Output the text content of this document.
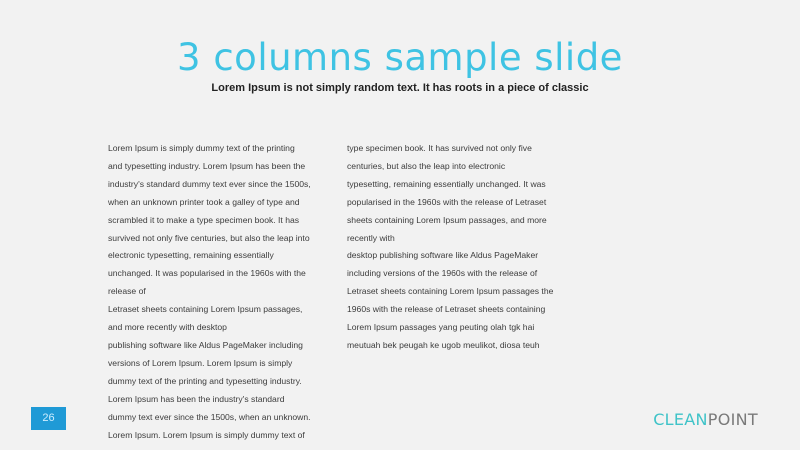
3 columns sample slide

Lorem Ipsum is not simply random text. It has roots in a piece of classic

Lorem Ipsum is simply dummy text of the printing
and typesetting industry. Lorem Ipsum has been the
industry's standard dummy text ever since the 1500s,
when an unknown printer took a galley of type and
scrambled it to make a type specimen book. It has
survived not only five centuries, but also the leap into
electronic typesetting, remaining essentially
unchanged. It was popularised in the 1960s with the
release of
Letraset sheets containing Lorem Ipsum passages,
and more recently with desktop
publishing software like Aldus PageMaker including
versions of Lorem Ipsum. Lorem Ipsum is simply
dummy text of the printing and typesetting industry.
Lorem Ipsum has been the industry's standard
dummy text ever since the 1500s, when an unknown.
Lorem Ipsum. Lorem Ipsum is simply dummy text of
type specimen book. It has survived not only five
centuries, but also the leap into electronic
typesetting, remaining essentially unchanged. It was
popularised in the 1960s with the release of Letraset
sheets containing Lorem Ipsum passages, and more
recently with
desktop publishing software like Aldus PageMaker
including versions of the 1960s with the release of
Letraset sheets containing Lorem Ipsum passages the
1960s with the release of Letraset sheets containing
Lorem Ipsum passages yang peuting olah tgk hai
meutuah bek peugah ke ugob meulikot, diosa teuh
26	CLEANPOINT
